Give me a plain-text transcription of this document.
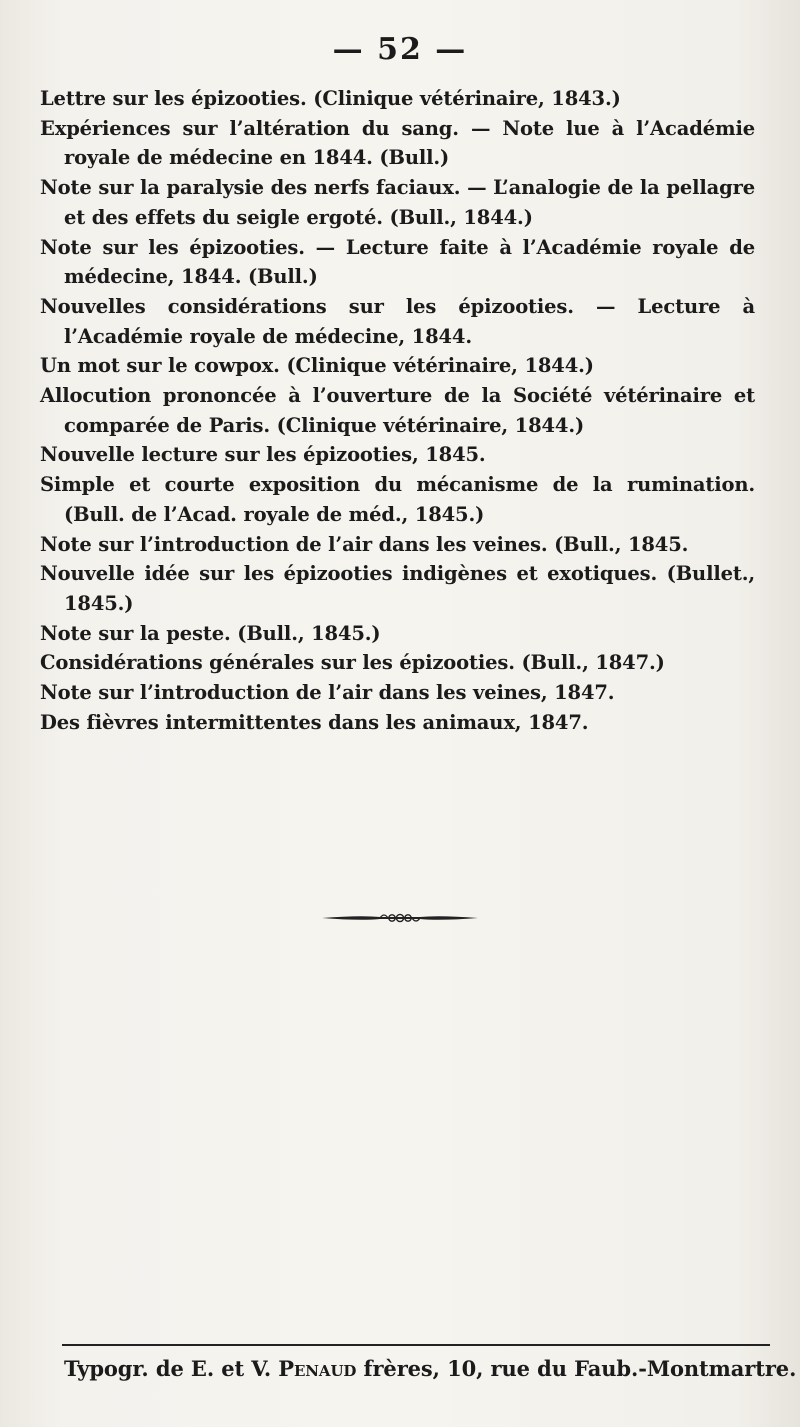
— 52 —
Lettre sur les épizooties. (Clinique vétérinaire, 1843.)
Expériences sur l’altération du sang. — Note lue à l’Académie royale de médecine en 1844. (Bull.)
Note sur la paralysie des nerfs faciaux. — L’analogie de la pellagre et des effets du seigle ergoté. (Bull., 1844.)
Note sur les épizooties. — Lecture faite à l’Académie royale de médecine, 1844. (Bull.)
Nouvelles considérations sur les épizooties. — Lecture à l’Académie royale de médecine, 1844.
Un mot sur le cowpox. (Clinique vétérinaire, 1844.)
Allocution prononcée à l’ouverture de la Société vétérinaire et comparée de Paris. (Clinique vétérinaire, 1844.)
Nouvelle lecture sur les épizooties, 1845.
Simple et courte exposition du mécanisme de la rumination. (Bull. de l’Acad. royale de méd., 1845.)
Note sur l’introduction de l’air dans les veines. (Bull., 1845.
Nouvelle idée sur les épizooties indigènes et exotiques. (Bullet., 1845.)
Note sur la peste. (Bull., 1845.)
Considérations générales sur les épizooties. (Bull., 1847.)
Note sur l’introduction de l’air dans les veines, 1847.
Des fièvres intermittentes dans les animaux, 1847.
Typogr. de E. et V. Penaud frères, 10, rue du Faub.-Montmartre.
